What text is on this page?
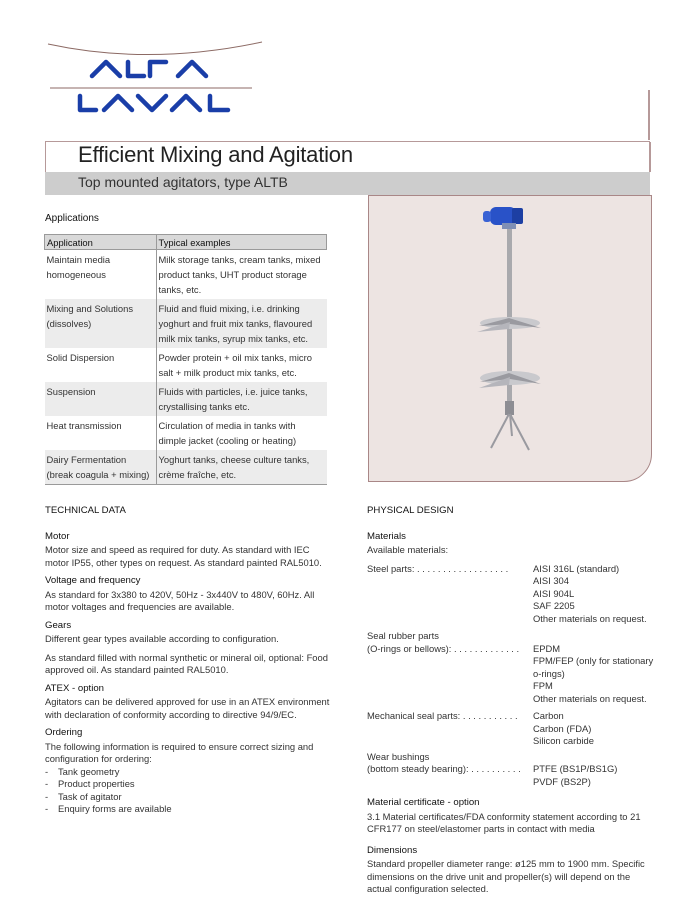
Efficient Mixing and Agitation
Top mounted agitators, type ALTB
Applications
Application	Typical examples
Maintain media homogeneous	Milk storage tanks, cream tanks, mixed product tanks, UHT product storage tanks, etc.
Mixing and Solutions (dissolves)	Fluid and fluid mixing, i.e. drinking yoghurt and fruit mix tanks, flavoured milk mix tanks, syrup mix tanks, etc.
Solid Dispersion	Powder protein + oil mix tanks, micro salt + milk product mix tanks, etc.
Suspension	Fluids with particles, i.e. juice tanks, crystallising tanks etc.
Heat transmission	Circulation of media in tanks with dimple jacket (cooling or heating)
Dairy Fermentation (break coagula + mixing)	Yoghurt tanks, cheese culture tanks, crème fraîche, etc.
TECHNICAL DATA
Motor
Motor size and speed as required for duty. As standard with IEC motor IP55, other types on request. As standard painted RAL5010.
Voltage and frequency
As standard for 3x380 to 420V, 50Hz - 3x440V to 480V, 60Hz. All motor voltages and frequencies are available.
Gears
Different gear types available according to configuration.
As standard filled with normal synthetic or mineral oil, optional: Food approved oil. As standard painted RAL5010.
ATEX - option
Agitators can be delivered approved for use in an ATEX environment with declaration of conformity according to directive 94/9/EC.
Ordering
The following information is required to ensure correct sizing and configuration for ordering:
- Tank geometry
- Product properties
- Task of agitator
- Enquiry forms are available
PHYSICAL DESIGN
Materials
Available materials:
Steel parts: . . . . . . . . . . . . . . . . . .	AISI 316L (standard)
AISI 304
AISI 904L
SAF 2205
Other materials on request.
Seal rubber parts
(O-rings or bellows): . . . . . . . . . . . . .	EPDM
FPM/FEP (only for stationary o-rings)
FPM
Other materials on request.
Mechanical seal parts: . . . . . . . . . . .	Carbon
Carbon (FDA)
Silicon carbide
Wear bushings
(bottom steady bearing): . . . . . . . . . .	PTFE (BS1P/BS1G)
PVDF (BS2P)
Material certificate - option
3.1 Material certificates/FDA conformity statement according to 21 CFR177 on steel/elastomer parts in contact with media
Dimensions
Standard propeller diameter range: ø125 mm to 1900 mm. Specific dimensions on the drive unit and propeller(s) will depend on the actual configuration selected.
